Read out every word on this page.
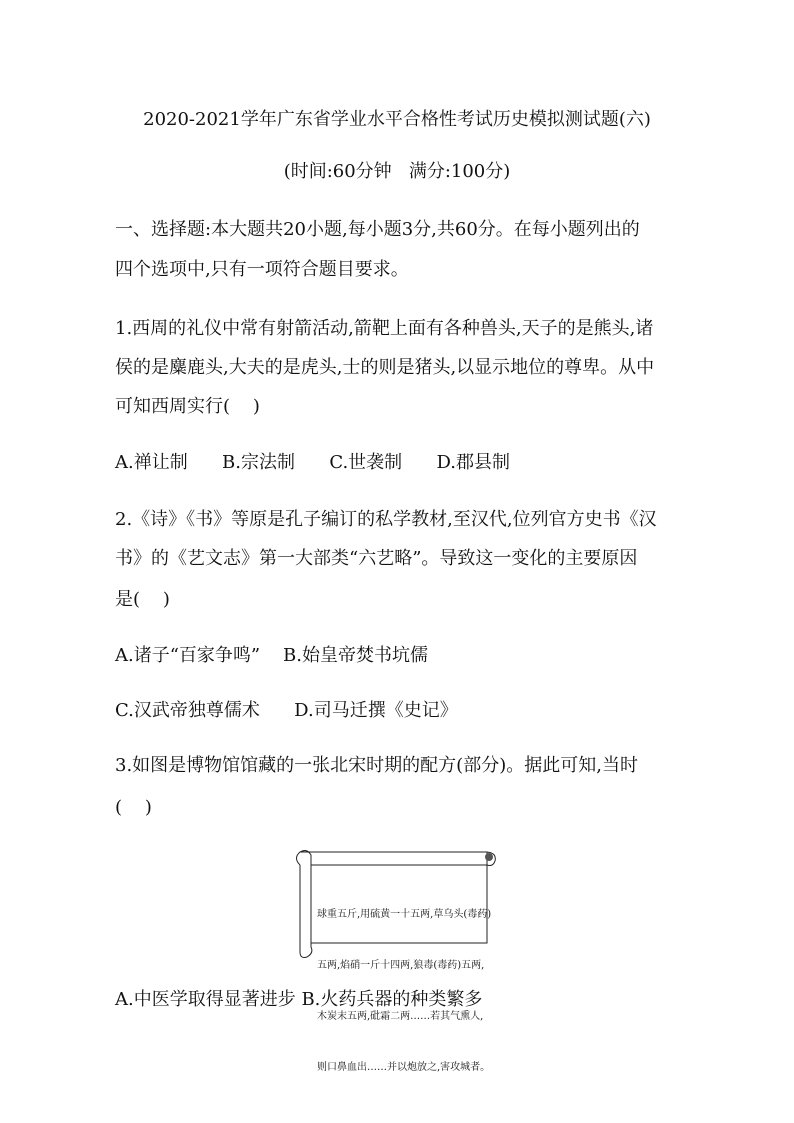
2020-2021学年广东省学业水平合格性考试历史模拟测试题(六)
(时间:60分钟   满分:100分)
一、选择题:本大题共20小题,每小题3分,共60分。在每小题列出的
四个选项中,只有一项符合题目要求。
1.西周的礼仪中常有射箭活动,箭靶上面有各种兽头,天子的是熊头,诸
侯的是麋鹿头,大夫的是虎头,士的则是猪头,以显示地位的尊卑。从中
可知西周实行(    )
A.禅让制      B.宗法制      C.世袭制      D.郡县制
2.《诗》《书》等原是孔子编订的私学教材,至汉代,位列官方史书《汉
书》的《艺文志》第一大部类“六艺略”。导致这一变化的主要原因
是(    )
A.诸子“百家争鸣”    B.始皇帝焚书坑儒
C.汉武帝独尊儒术      D.司马迁撰《史记》
3.如图是博物馆馆藏的一张北宋时期的配方(部分)。据此可知,当时
(    )

球重五斤,用硫黄一十五两,草乌头(毒药)

五两,焰硝一斤十四两,狼毒(毒药)五两,

木炭末五两,砒霜二两……若其气熏人,

则口鼻血出……并以炮放之,害攻城者。

A.中医学取得显著进步 B.火药兵器的种类繁多
